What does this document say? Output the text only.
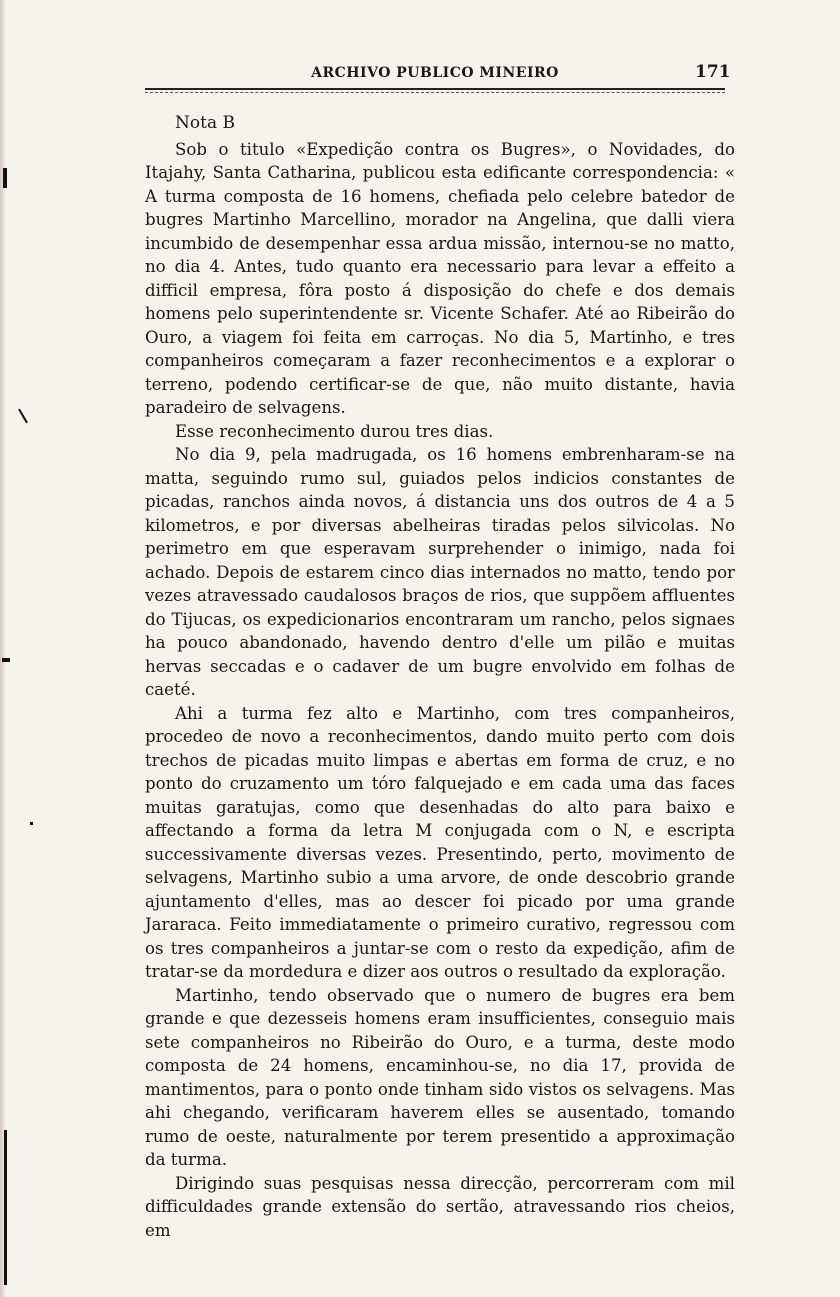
ARCHIVO PUBLICO MINEIRO	171
Nota B

Sob o titulo «Expedição contra os Bugres», o Novidades, do Itajahy, Santa Catharina, publicou esta edificante correspondencia: « A turma composta de 16 homens, chefiada pelo celebre batedor de bugres Martinho Marcellino, morador na Angelina, que dalli viera incumbido de desempenhar essa ardua missão, internou-se no matto, no dia 4. Antes, tudo quanto era necessario para levar a effeito a difficil empresa, fôra posto á disposição do chefe e dos demais homens pelo superintendente sr. Vicente Schafer. Até ao Ribeirão do Ouro, a viagem foi feita em carroças. No dia 5, Martinho, e tres companheiros começaram a fazer reconhecimentos e a explorar o terreno, podendo certificar-se de que, não muito distante, havia paradeiro de selvagens.

Esse reconhecimento durou tres dias.

No dia 9, pela madrugada, os 16 homens embrenharam-se na matta, seguindo rumo sul, guiados pelos indicios constantes de picadas, ranchos ainda novos, á distancia uns dos outros de 4 a 5 kilometros, e por diversas abelheiras tiradas pelos silvicolas. No perimetro em que esperavam surprehender o inimigo, nada foi achado. Depois de estarem cinco dias internados no matto, tendo por vezes atravessado caudalosos braços de rios, que suppõem affluentes do Tijucas, os expedicionarios encontraram um rancho, pelos signaes ha pouco abandonado, havendo dentro d'elle um pilão e muitas hervas seccadas e o cadaver de um bugre envolvido em folhas de caeté.

Ahi a turma fez alto e Martinho, com tres companheiros, procedeo de novo a reconhecimentos, dando muito perto com dois trechos de picadas muito limpas e abertas em forma de cruz, e no ponto do cruzamento um tóro falquejado e em cada uma das faces muitas garatujas, como que desenhadas do alto para baixo e affectando a forma da letra M conjugada com o N, e escripta successivamente diversas vezes. Presentindo, perto, movimento de selvagens, Martinho subio a uma arvore, de onde descobrio grande ajuntamento d'elles, mas ao descer foi picado por uma grande Jararaca. Feito immediatamente o primeiro curativo, regressou com os tres companheiros a juntar-se com o resto da expedição, afim de tratar-se da mordedura e dizer aos outros o resultado da exploração.

Martinho, tendo observado que o numero de bugres era bem grande e que dezesseis homens eram insufficientes, conseguio mais sete companheiros no Ribeirão do Ouro, e a turma, deste modo composta de 24 homens, encaminhou-se, no dia 17, provida de mantimentos, para o ponto onde tinham sido vistos os selvagens. Mas ahi chegando, verificaram haverem elles se ausentado, tomando rumo de oeste, naturalmente por terem presentido a approximação da turma.

Dirigindo suas pesquisas nessa direcção, percorreram com mil difficuldades grande extensão do sertão, atravessando rios cheios, em
